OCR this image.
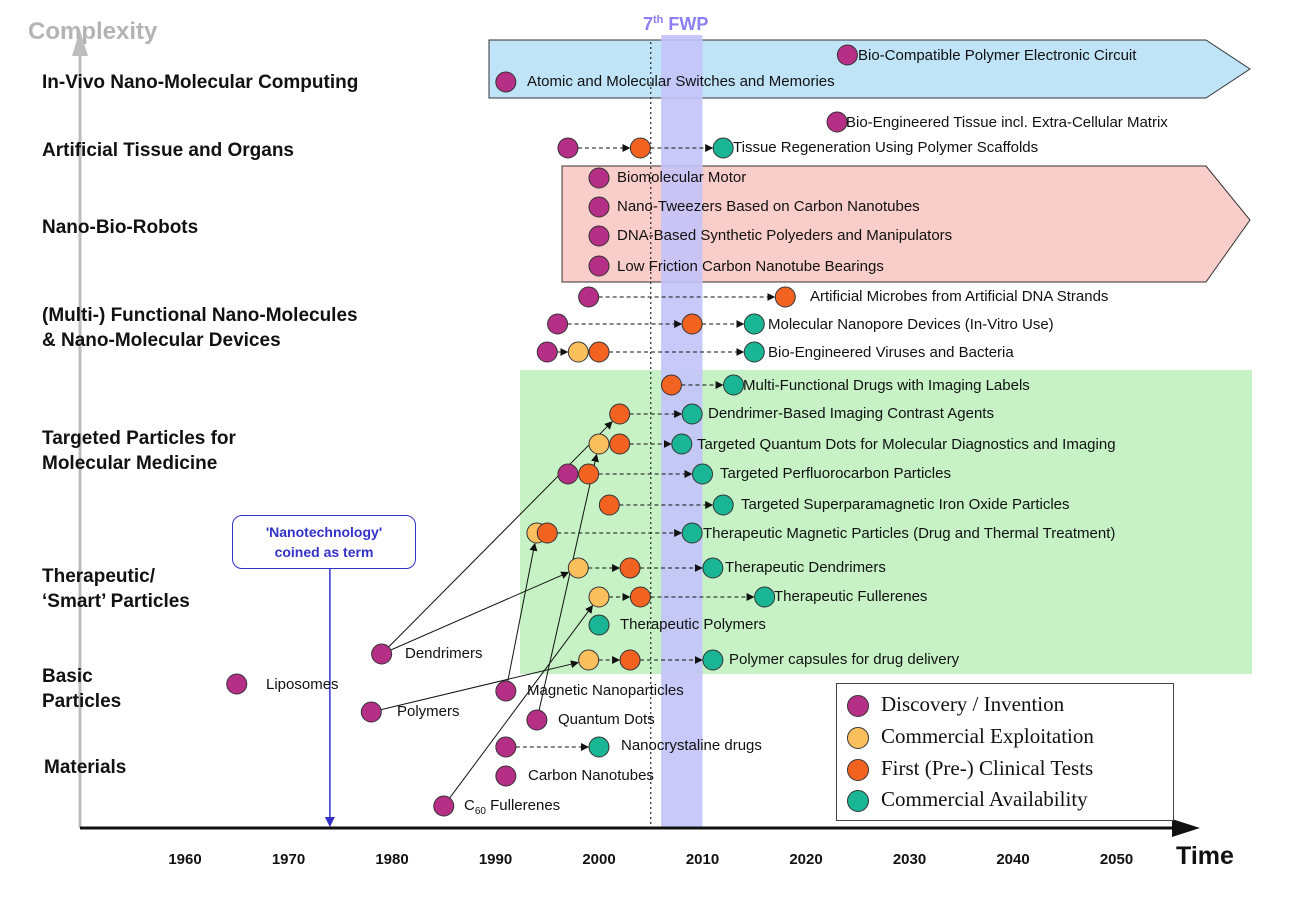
Complexity
Time
7th FWP
1960	1970	1980	1990	2000	2010	2020	2030	2040	2050
In-Vivo Nano-Molecular Computing
Artificial Tissue and Organs
Nano-Bio-Robots
(Multi-) Functional Nano-Molecules
& Nano-Molecular Devices
Targeted Particles for
Molecular Medicine
Therapeutic/
‘Smart’ Particles
Basic
Particles
Materials
Bio-Compatible Polymer Electronic Circuit
Atomic and Molecular Switches and Memories
Bio-Engineered Tissue incl. Extra-Cellular Matrix
Tissue Regeneration Using Polymer Scaffolds
Biomolecular Motor
Nano-Tweezers Based on Carbon Nanotubes
DNA-Based Synthetic Polyeders and Manipulators
Low Friction Carbon Nanotube Bearings
Artificial Microbes from Artificial DNA Strands
Molecular Nanopore Devices (In-Vitro Use)
Bio-Engineered Viruses and Bacteria
Multi-Functional Drugs with Imaging Labels
Dendrimer-Based Imaging Contrast Agents
Targeted Quantum Dots for Molecular Diagnostics and Imaging
Targeted Perfluorocarbon Particles
Targeted Superparamagnetic Iron Oxide Particles
Therapeutic Magnetic Particles (Drug and Thermal Treatment)
Therapeutic Dendrimers
Therapeutic Fullerenes
Therapeutic Polymers
Polymer capsules for drug delivery
Dendrimers
Liposomes	Magnetic Nanoparticles
Polymers	Quantum Dots
Nanocrystaline drugs
Carbon Nanotubes
$C_{60}$ Fullerenes
'Nanotechnology'
coined as term
Discovery / Invention
Commercial Exploitation
First (Pre-) Clinical Tests
Commercial Availability
